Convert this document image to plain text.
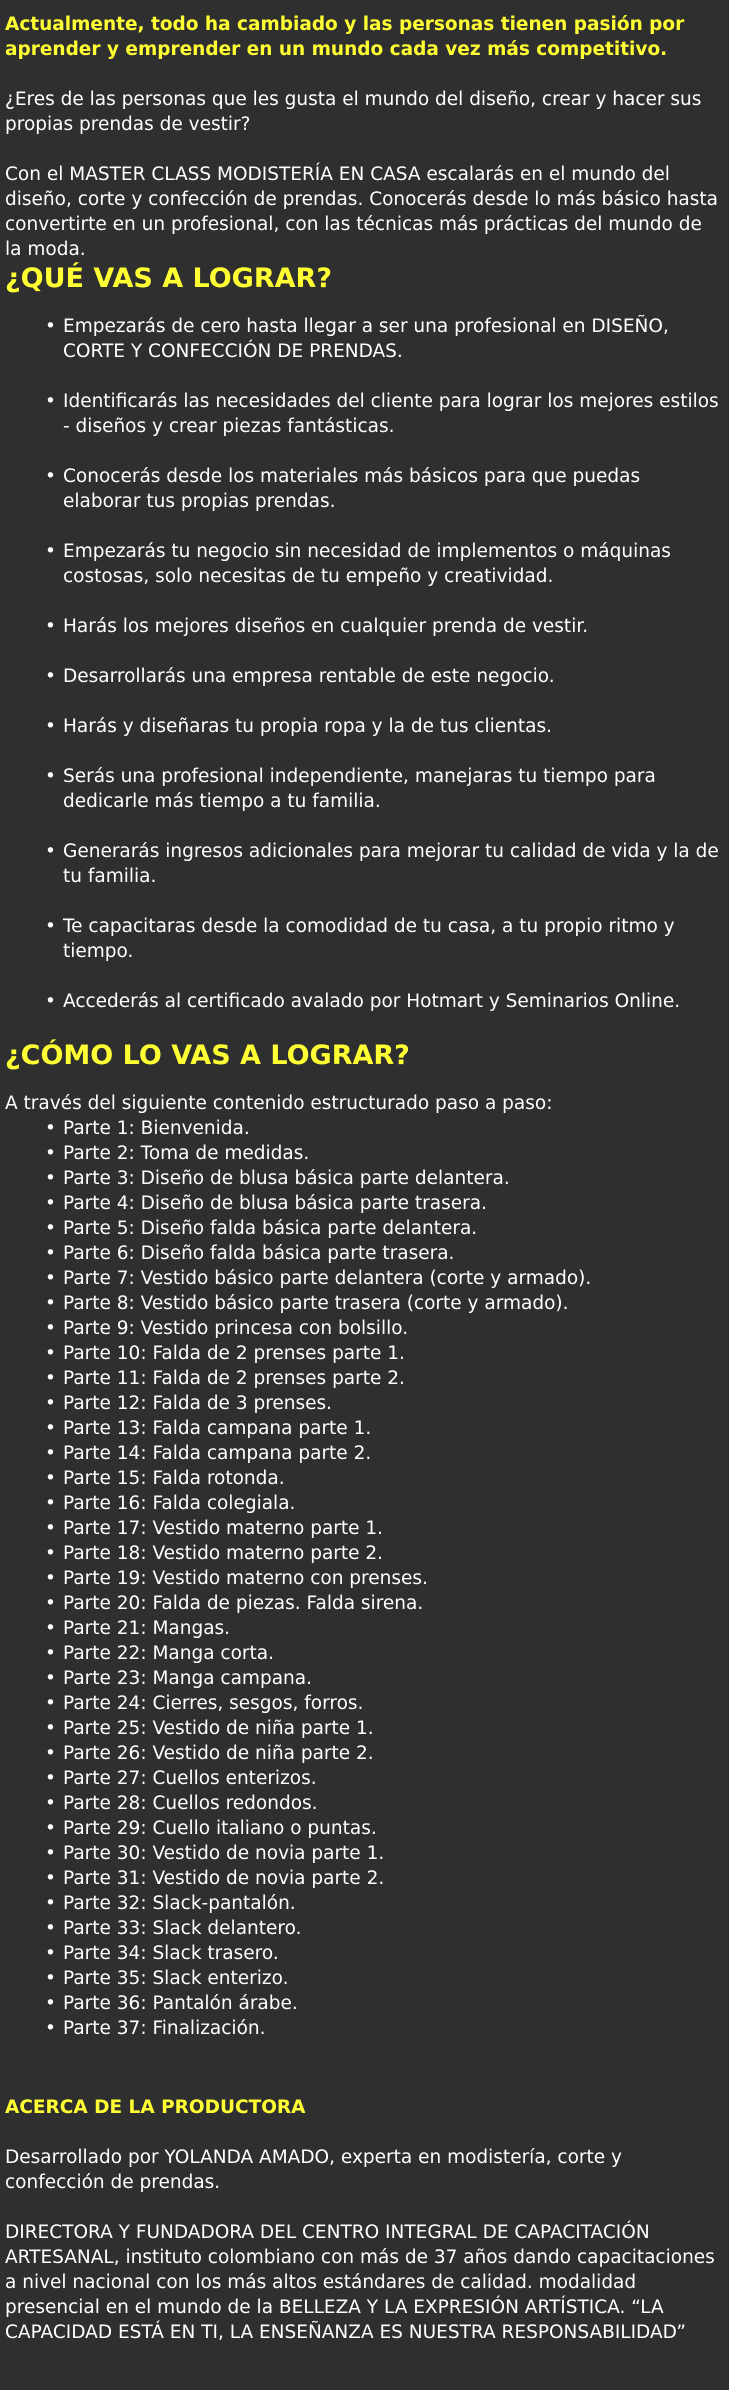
Actualmente, todo ha cambiado y las personas tienen pasión por aprender y emprender en un mundo cada vez más competitivo.

¿Eres de las personas que les gusta el mundo del diseño, crear y hacer sus propias prendas de vestir?

Con el MASTER CLASS MODISTERÍA EN CASA escalarás en el mundo del diseño, corte y confección de prendas. Conocerás desde lo más básico hasta convertirte en un profesional, con las técnicas más prácticas del mundo de la moda.

¿QUÉ VAS A LOGRAR?
• Empezarás de cero hasta llegar a ser una profesional en DISEÑO, CORTE Y CONFECCIÓN DE PRENDAS.
• Identificarás las necesidades del cliente para lograr los mejores estilos - diseños y crear piezas fantásticas.
• Conocerás desde los materiales más básicos para que puedas elaborar tus propias prendas.
• Empezarás tu negocio sin necesidad de implementos o máquinas costosas, solo necesitas de tu empeño y creatividad.
• Harás los mejores diseños en cualquier prenda de vestir.
• Desarrollarás una empresa rentable de este negocio.
• Harás y diseñaras tu propia ropa y la de tus clientas.
• Serás una profesional independiente, manejaras tu tiempo para dedicarle más tiempo a tu familia.
• Generarás ingresos adicionales para mejorar tu calidad de vida y la de tu familia.
• Te capacitaras desde la comodidad de tu casa, a tu propio ritmo y tiempo.
• Accederás al certificado avalado por Hotmart y Seminarios Online.
¿CÓMO LO VAS A LOGRAR?

A través del siguiente contenido estructurado paso a paso:

• Parte 1: Bienvenida.
• Parte 2: Toma de medidas.
• Parte 3: Diseño de blusa básica parte delantera.
• Parte 4: Diseño de blusa básica parte trasera.
• Parte 5: Diseño falda básica parte delantera.
• Parte 6: Diseño falda básica parte trasera.
• Parte 7: Vestido básico parte delantera (corte y armado).
• Parte 8: Vestido básico parte trasera (corte y armado).
• Parte 9: Vestido princesa con bolsillo.
• Parte 10: Falda de 2 prenses parte 1.
• Parte 11: Falda de 2 prenses parte 2.
• Parte 12: Falda de 3 prenses.
• Parte 13: Falda campana parte 1.
• Parte 14: Falda campana parte 2.
• Parte 15: Falda rotonda.
• Parte 16: Falda colegiala.
• Parte 17: Vestido materno parte 1.
• Parte 18: Vestido materno parte 2.
• Parte 19: Vestido materno con prenses.
• Parte 20: Falda de piezas. Falda sirena.
• Parte 21: Mangas.
• Parte 22: Manga corta.
• Parte 23: Manga campana.
• Parte 24: Cierres, sesgos, forros.
• Parte 25: Vestido de niña parte 1.
• Parte 26: Vestido de niña parte 2.
• Parte 27: Cuellos enterizos.
• Parte 28: Cuellos redondos.
• Parte 29: Cuello italiano o puntas.
• Parte 30: Vestido de novia parte 1.
• Parte 31: Vestido de novia parte 2.
• Parte 32: Slack-pantalón.
• Parte 33: Slack delantero.
• Parte 34: Slack trasero.
• Parte 35: Slack enterizo.
• Parte 36: Pantalón árabe.
• Parte 37: Finalización.
ACERCA DE LA PRODUCTORA

Desarrollado por YOLANDA AMADO, experta en modistería, corte y confección de prendas.

DIRECTORA Y FUNDADORA DEL CENTRO INTEGRAL DE CAPACITACIÓN ARTESANAL, instituto colombiano con más de 37 años dando capacitaciones a nivel nacional con los más altos estándares de calidad. modalidad presencial en el mundo de la BELLEZA Y LA EXPRESIÓN ARTÍSTICA. “LA CAPACIDAD ESTÁ EN TI, LA ENSEÑANZA ES NUESTRA RESPONSABILIDAD”
